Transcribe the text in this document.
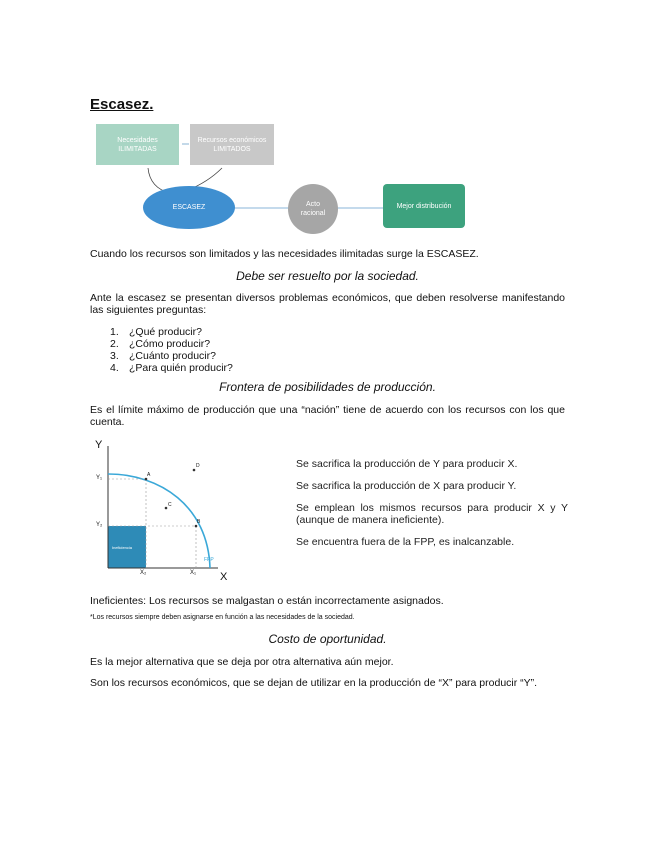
Escasez.
Necesidades
ILIMITADAS
Recursos económicos
LIMITADOS
ESCASEZ	Acto
racional
Mejor distribución
Cuando los recursos son limitados y las necesidades ilimitadas surge la ESCASEZ.
Debe ser resuelto por la sociedad.
Ante la escasez se presentan diversos problemas económicos, que deben resolverse manifestando las siguientes preguntas:
1. ¿Qué producir?
2. ¿Cómo producir?
3. ¿Cuánto producir?
4. ¿Para quién producir?
Frontera de posibilidades de producción.
Es el límite máximo de producción que una “nación” tiene de acuerdo con los recursos con los que cuenta.
Y
X
Y₁
Y₂
X₂	X₁
A
B
C
D
FPP
Ineficiencia
Se sacrifica la producción de Y para producir X.
Se sacrifica la producción de X para producir Y.
Se emplean los mismos recursos para producir X y Y (aunque de manera ineficiente).
Se encuentra fuera de la FPP, es inalcanzable.
Ineficientes: Los recursos se malgastan o están incorrectamente asignados.
*Los recursos siempre deben asignarse en función a las necesidades de la sociedad.
Costo de oportunidad.
Es la mejor alternativa que se deja por otra alternativa aún mejor.
Son los recursos económicos, que se dejan de utilizar en la producción de “X” para producir “Y”.
